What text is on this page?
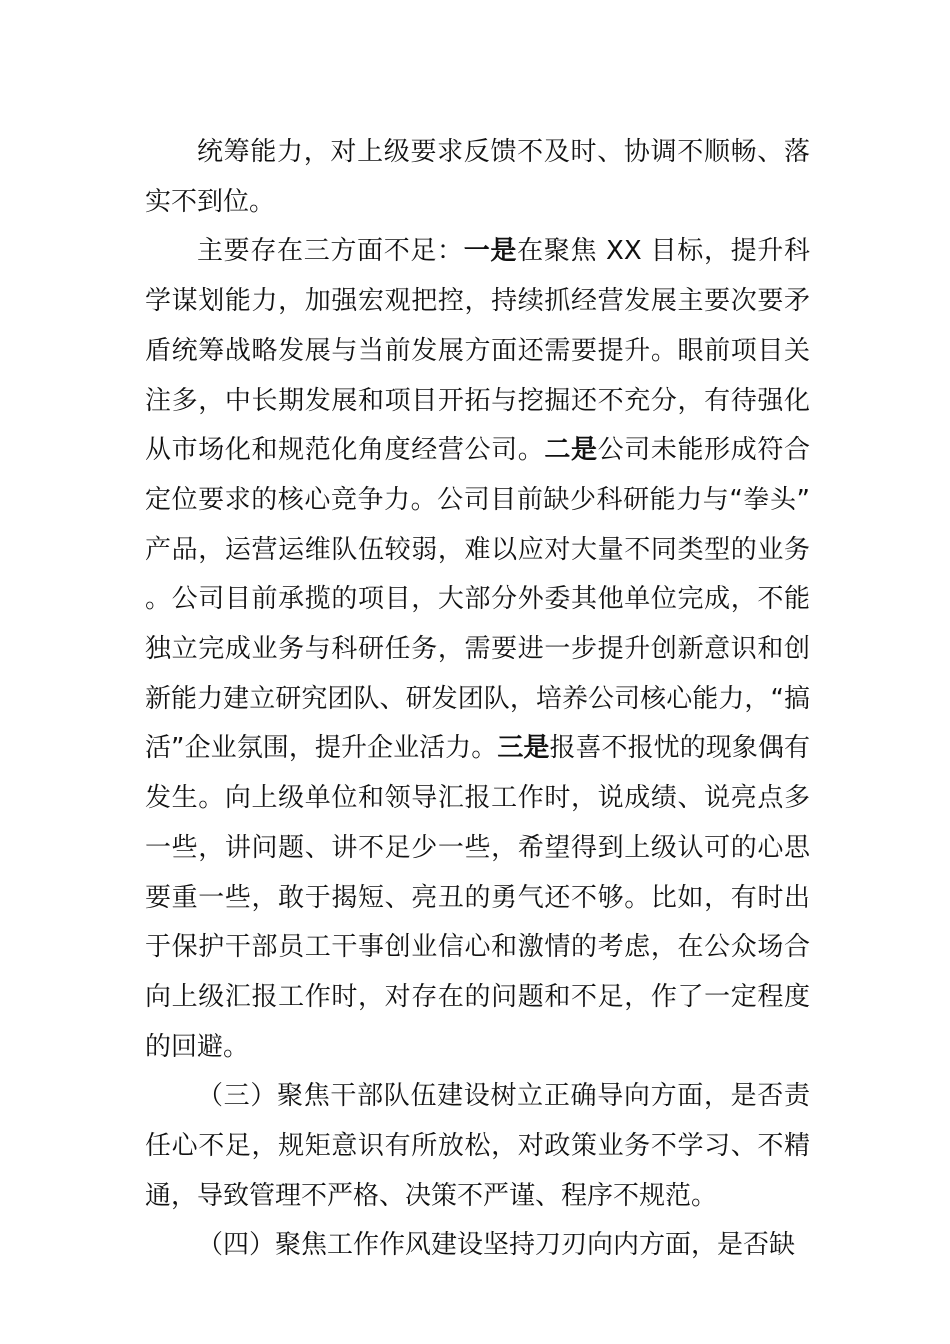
统筹能力，对上级要求反馈不及时、协调不顺畅、落实不到位。

主要存在三方面不足：一是在聚焦 XX 目标，提升科学谋划能力，加强宏观把控，持续抓经营发展主要次要矛盾统筹战略发展与当前发展方面还需要提升。眼前项目关注多，中长期发展和项目开拓与挖掘还不充分，有待强化从市场化和规范化角度经营公司。二是公司未能形成符合定位要求的核心竞争力。公司目前缺少科研能力与“拳头”产品，运营运维队伍较弱，难以应对大量不同类型的业务。公司目前承揽的项目，大部分外委其他单位完成，不能独立完成业务与科研任务，需要进一步提升创新意识和创新能力建立研究团队、研发团队，培养公司核心能力，“搞活”企业氛围，提升企业活力。三是报喜不报忧的现象偶有发生。向上级单位和领导汇报工作时，说成绩、说亮点多一些，讲问题、讲不足少一些，希望得到上级认可的心思要重一些，敢于揭短、亮丑的勇气还不够。比如，有时出于保护干部员工干事创业信心和激情的考虑，在公众场合向上级汇报工作时，对存在的问题和不足，作了一定程度的回避。

（三）聚焦干部队伍建设树立正确导向方面，是否责任心不足，规矩意识有所放松，对政策业务不学习、不精通，导致管理不严格、决策不严谨、程序不规范。

（四）聚焦工作作风建设坚持刀刃向内方面，是否缺
